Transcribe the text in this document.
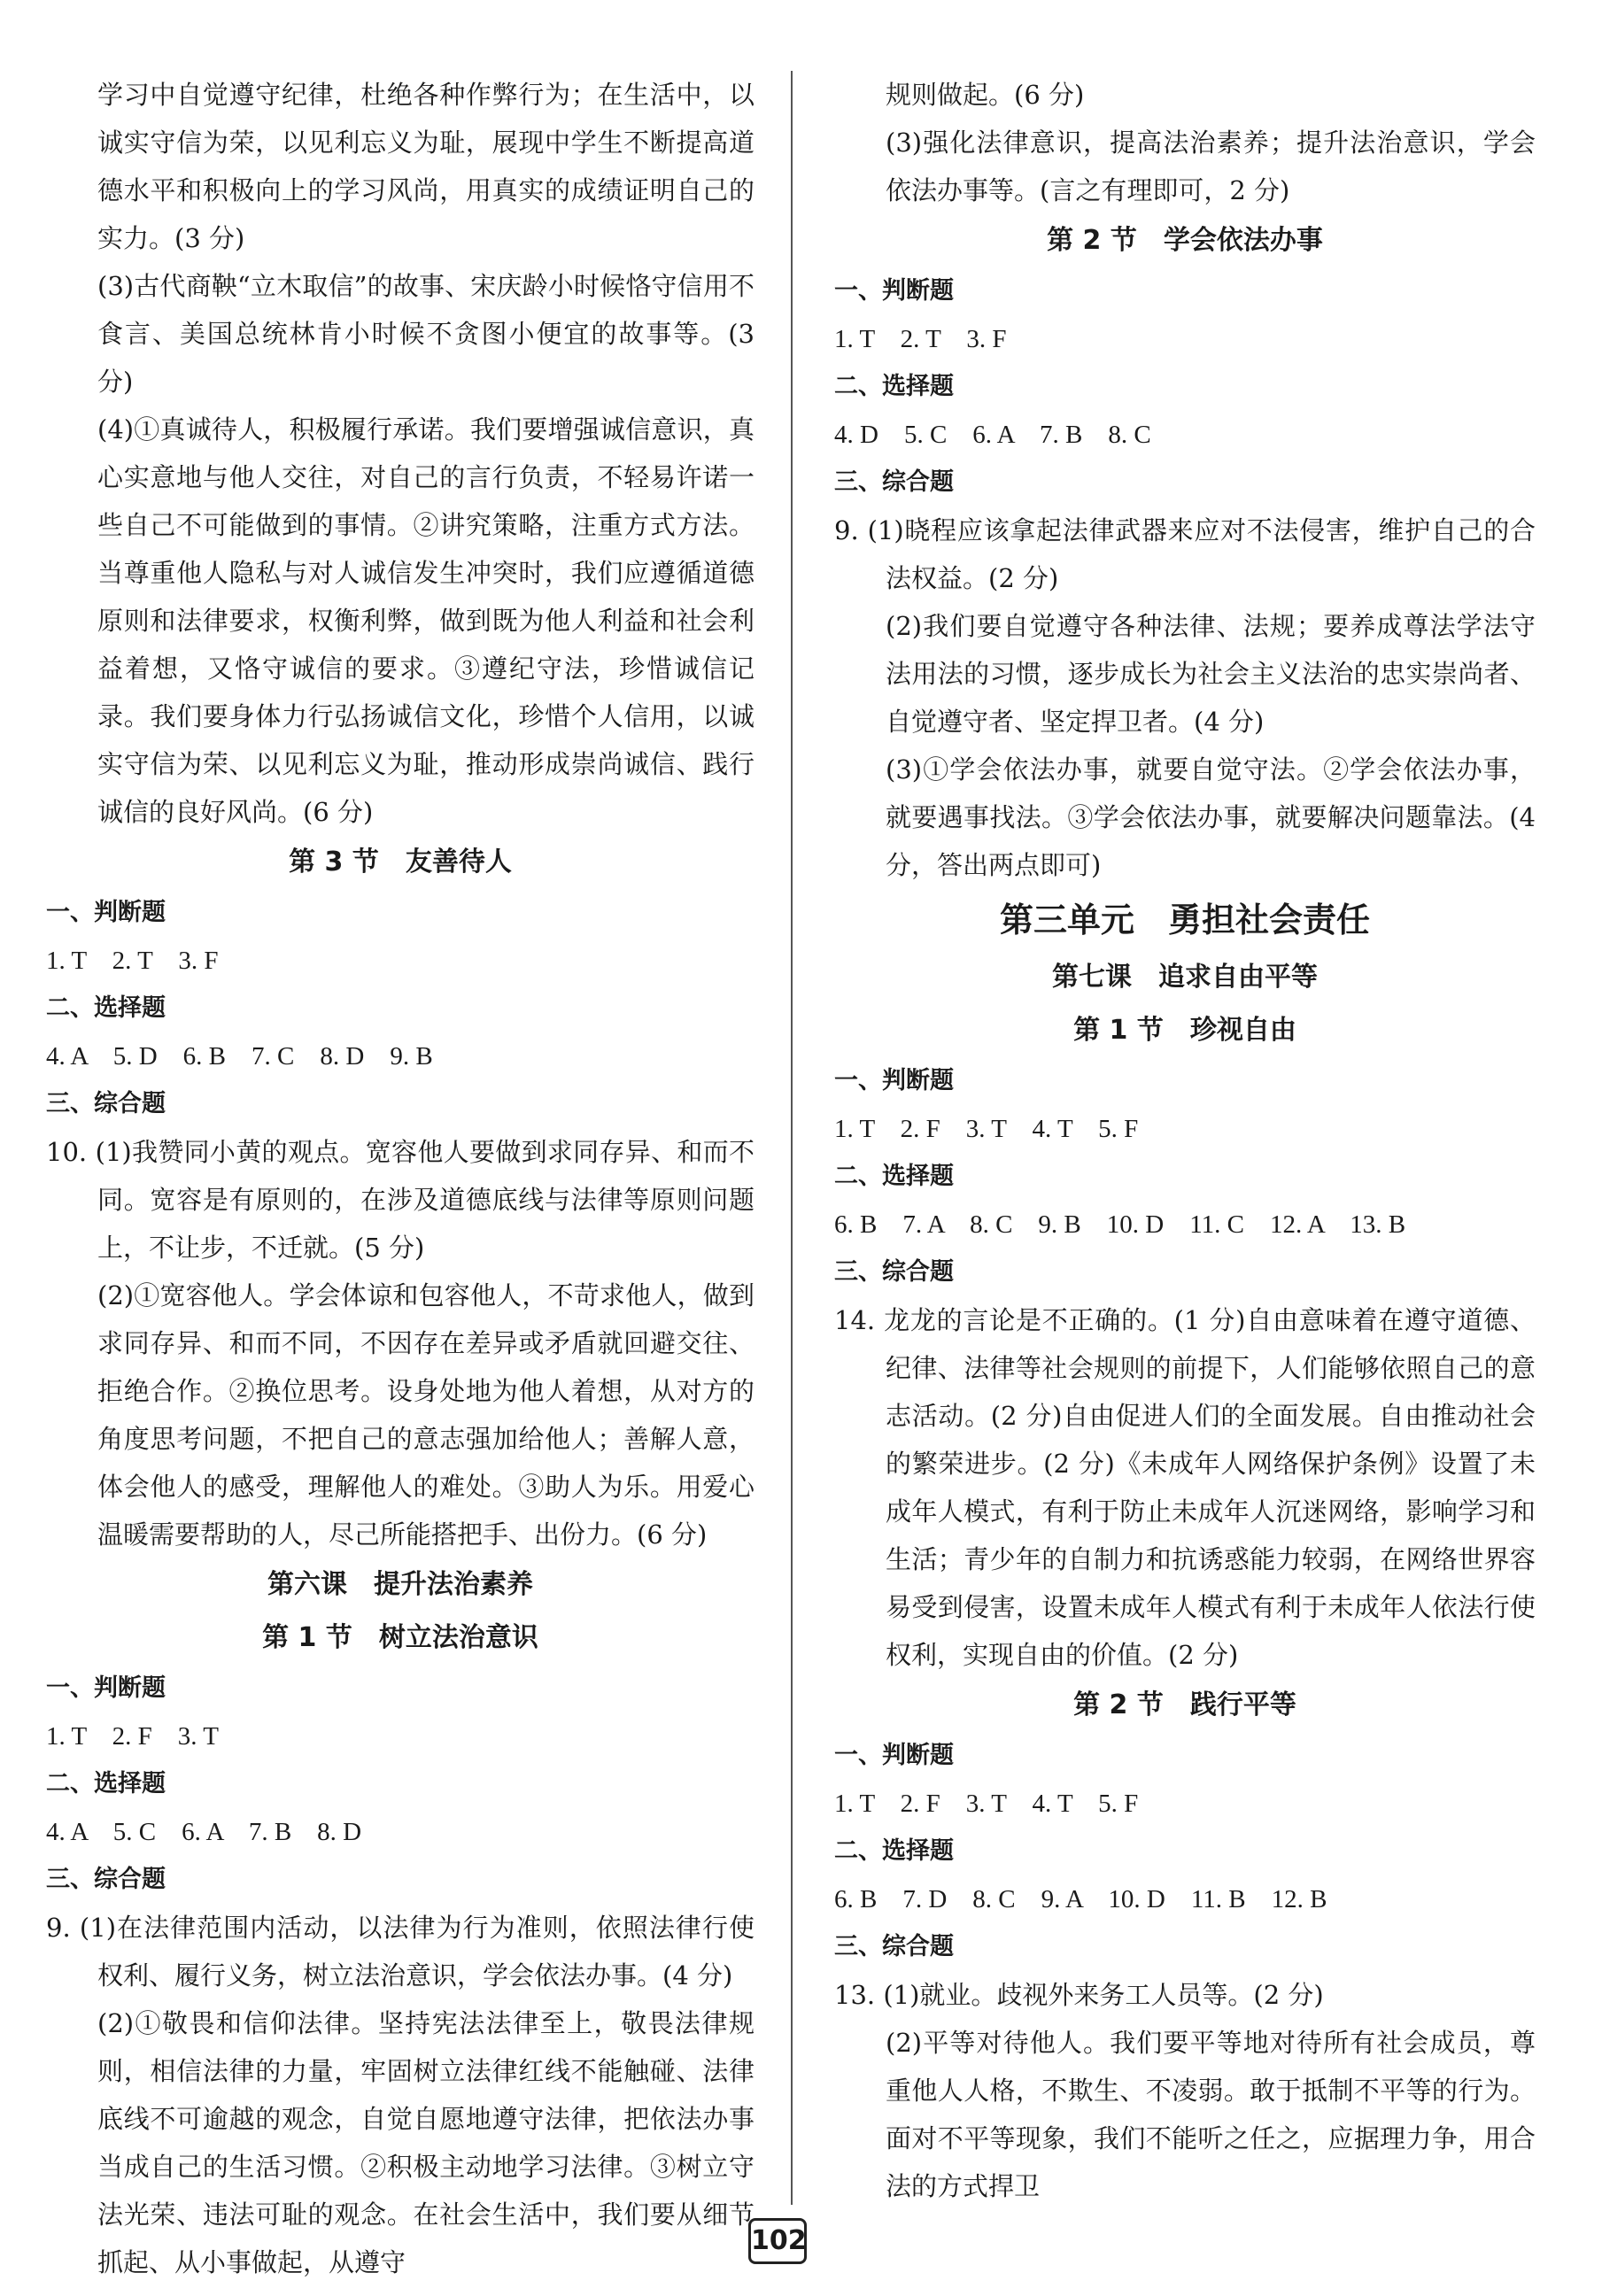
学习中自觉遵守纪律，杜绝各种作弊行为；在生活中，以诚实守信为荣，以见利忘义为耻，展现中学生不断提高道德水平和积极向上的学习风尚，用真实的成绩证明自己的实力。(3 分)

(3)古代商鞅“立木取信”的故事、宋庆龄小时候恪守信用不食言、美国总统林肯小时候不贪图小便宜的故事等。(3 分)

(4)①真诚待人，积极履行承诺。我们要增强诚信意识，真心实意地与他人交往，对自己的言行负责，不轻易许诺一些自己不可能做到的事情。②讲究策略，注重方式方法。当尊重他人隐私与对人诚信发生冲突时，我们应遵循道德原则和法律要求，权衡利弊，做到既为他人利益和社会利益着想，又恪守诚信的要求。③遵纪守法，珍惜诚信记录。我们要身体力行弘扬诚信文化，珍惜个人信用，以诚实守信为荣、以见利忘义为耻，推动形成崇尚诚信、践行诚信的良好风尚。(6 分)

第 3 节　友善待人

一、判断题

1. T　2. T　3. F

二、选择题

4. A　5. D　6. B　7. C　8. D　9. B

三、综合题

10. (1)我赞同小黄的观点。宽容他人要做到求同存异、和而不同。宽容是有原则的，在涉及道德底线与法律等原则问题上，不让步，不迁就。(5 分)

(2)①宽容他人。学会体谅和包容他人，不苛求他人，做到求同存异、和而不同，不因存在差异或矛盾就回避交往、拒绝合作。②换位思考。设身处地为他人着想，从对方的角度思考问题，不把自己的意志强加给他人；善解人意，体会他人的感受，理解他人的难处。③助人为乐。用爱心温暖需要帮助的人，尽己所能搭把手、出份力。(6 分)

第六课　提升法治素养

第 1 节　树立法治意识

一、判断题

1. T　2. F　3. T

二、选择题

4. A　5. C　6. A　7. B　8. D

三、综合题

9. (1)在法律范围内活动，以法律为行为准则，依照法律行使权利、履行义务，树立法治意识，学会依法办事。(4 分)

(2)①敬畏和信仰法律。坚持宪法法律至上，敬畏法律规则，相信法律的力量，牢固树立法律红线不能触碰、法律底线不可逾越的观念，自觉自愿地遵守法律，把依法办事当成自己的生活习惯。②积极主动地学习法律。③树立守法光荣、违法可耻的观念。在社会生活中，我们要从细节抓起、从小事做起，从遵守

规则做起。(6 分)

(3)强化法律意识，提高法治素养；提升法治意识，学会依法办事等。(言之有理即可，2 分)

第 2 节　学会依法办事

一、判断题

1. T　2. T　3. F

二、选择题

4. D　5. C　6. A　7. B　8. C

三、综合题

9. (1)晓程应该拿起法律武器来应对不法侵害，维护自己的合法权益。(2 分)

(2)我们要自觉遵守各种法律、法规；要养成尊法学法守法用法的习惯，逐步成长为社会主义法治的忠实崇尚者、自觉遵守者、坚定捍卫者。(4 分)

(3)①学会依法办事，就要自觉守法。②学会依法办事，就要遇事找法。③学会依法办事，就要解决问题靠法。(4 分，答出两点即可)

第三单元　勇担社会责任

第七课　追求自由平等

第 1 节　珍视自由

一、判断题

1. T　2. F　3. T　4. T　5. F

二、选择题

6. B　7. A　8. C　9. B　10. D　11. C　12. A　13. B

三、综合题

14. 龙龙的言论是不正确的。(1 分)自由意味着在遵守道德、纪律、法律等社会规则的前提下，人们能够依照自己的意志活动。(2 分)自由促进人们的全面发展。自由推动社会的繁荣进步。(2 分)《未成年人网络保护条例》设置了未成年人模式，有利于防止未成年人沉迷网络，影响学习和生活；青少年的自制力和抗诱惑能力较弱，在网络世界容易受到侵害，设置未成年人模式有利于未成年人依法行使权利，实现自由的价值。(2 分)

第 2 节　践行平等

一、判断题

1. T　2. F　3. T　4. T　5. F

二、选择题

6. B　7. D　8. C　9. A　10. D　11. B　12. B

三、综合题

13. (1)就业。歧视外来务工人员等。(2 分)

(2)平等对待他人。我们要平等地对待所有社会成员，尊重他人人格，不欺生、不凌弱。敢于抵制不平等的行为。面对不平等现象，我们不能听之任之，应据理力争，用合法的方式捍卫

102
